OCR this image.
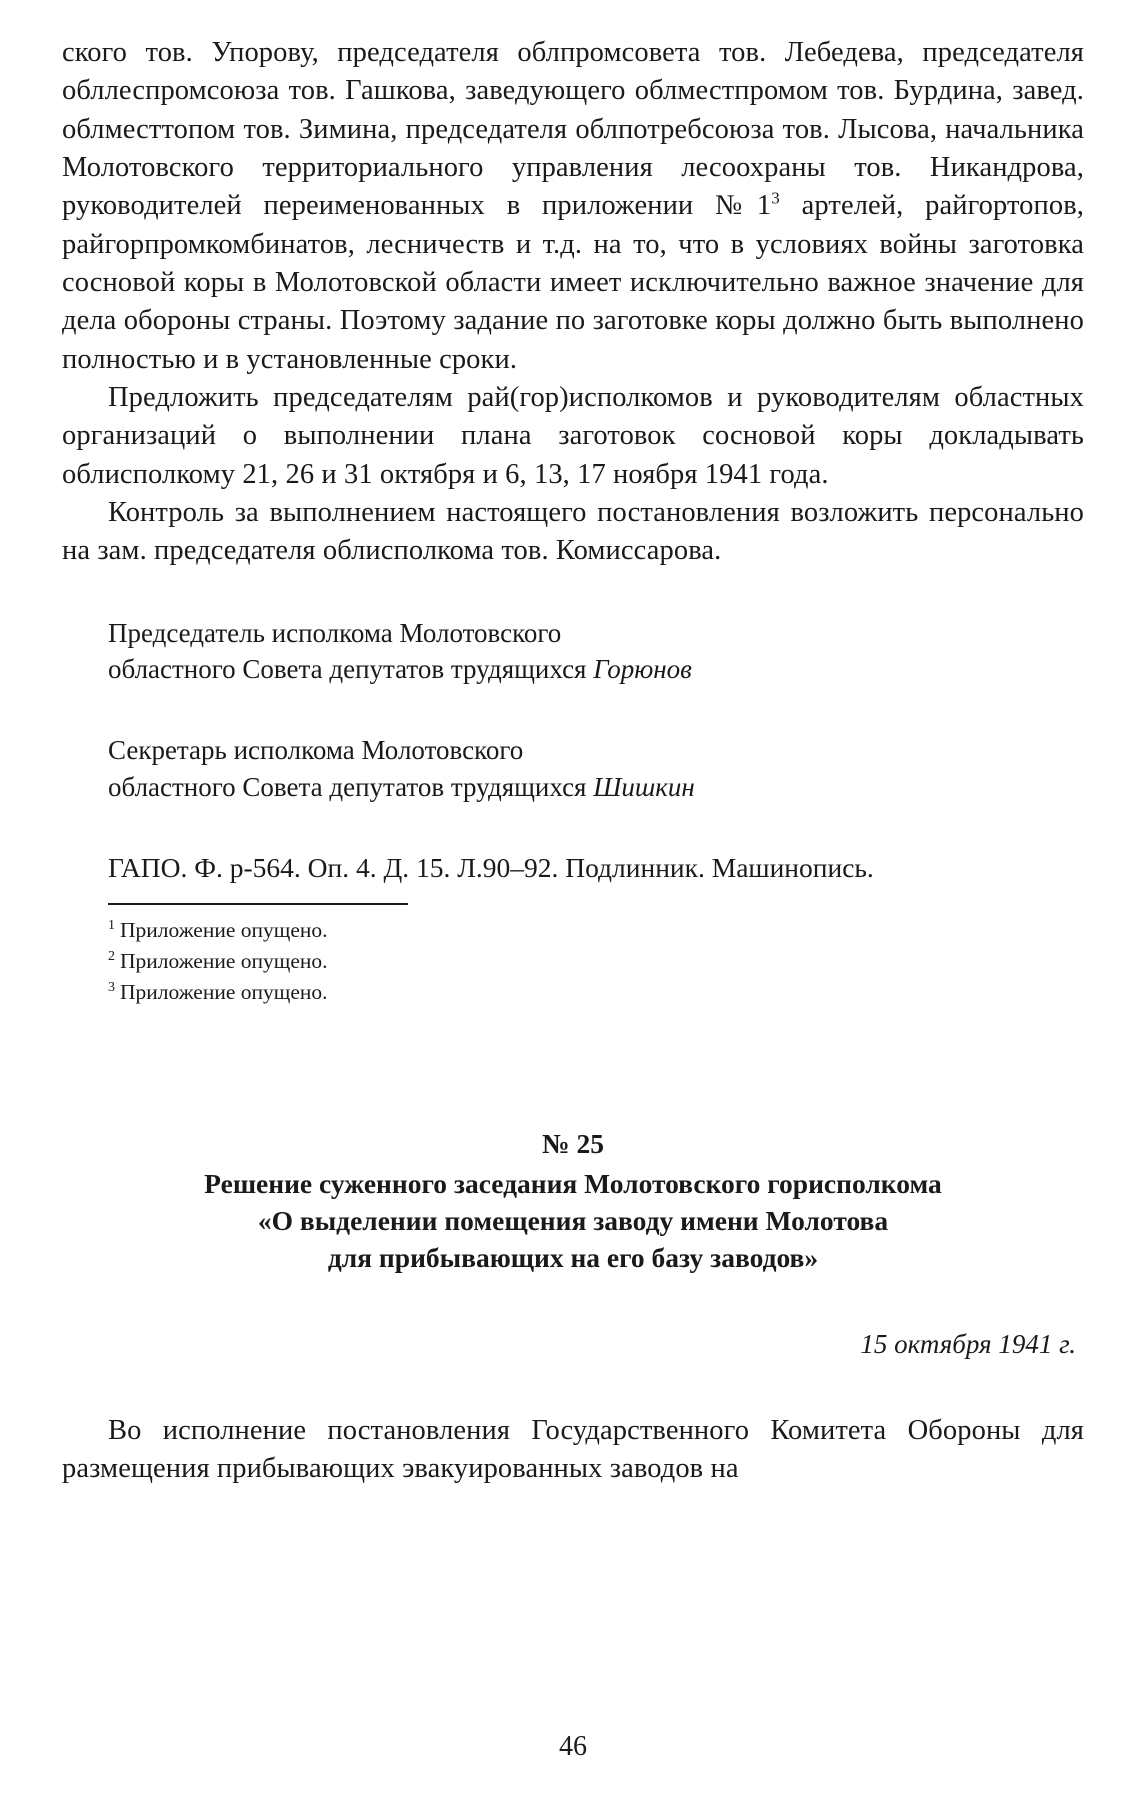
ского тов. Упорову, председателя облпромсовета тов. Лебедева, председателя обллеспромсоюза тов. Гашкова, заведующего облместпромом тов. Бурдина, завед. облместтопом тов. Зимина, председателя облпотребсоюза тов. Лысова, начальника Молотовского территориального управления лесоохраны тов. Никандрова, руководителей переименованных в приложении №1$^3$ артелей, райгортопов, райгорпромкомбинатов, лесничеств и т.д. на то, что в условиях войны заготовка сосновой коры в Молотовской области имеет исключительно важное значение для дела обороны страны. Поэтому задание по заготовке коры должно быть выполнено полностью и в установленные сроки.

Предложить председателям рай(гор)исполкомов и руководителям областных организаций о выполнении плана заготовок сосновой коры докладывать облисполкому 21, 26 и 31 октября и 6, 13, 17 ноября 1941 года.

Контроль за выполнением настоящего постановления возложить персонально на зам. председателя облисполкома тов. Комиссарова.

Председатель исполкома Молотовского
областного Совета депутатов трудящихся Горюнов
Секретарь исполкома Молотовского
областного Совета депутатов трудящихся Шишкин
ГАПО. Ф. р-564. Оп. 4. Д. 15. Л.90–92. Подлинник. Машинопись.
$^1$ Приложение опущено.
$^2$ Приложение опущено.
$^3$ Приложение опущено.
№ 25
Решение суженного заседания Молотовского горисполкома
«О выделении помещения заводу имени Молотова
для прибывающих на его базу заводов»
15 октября 1941 г.

Во исполнение постановления Государственного Комитета Обороны для размещения прибывающих эвакуированных заводов на

46
